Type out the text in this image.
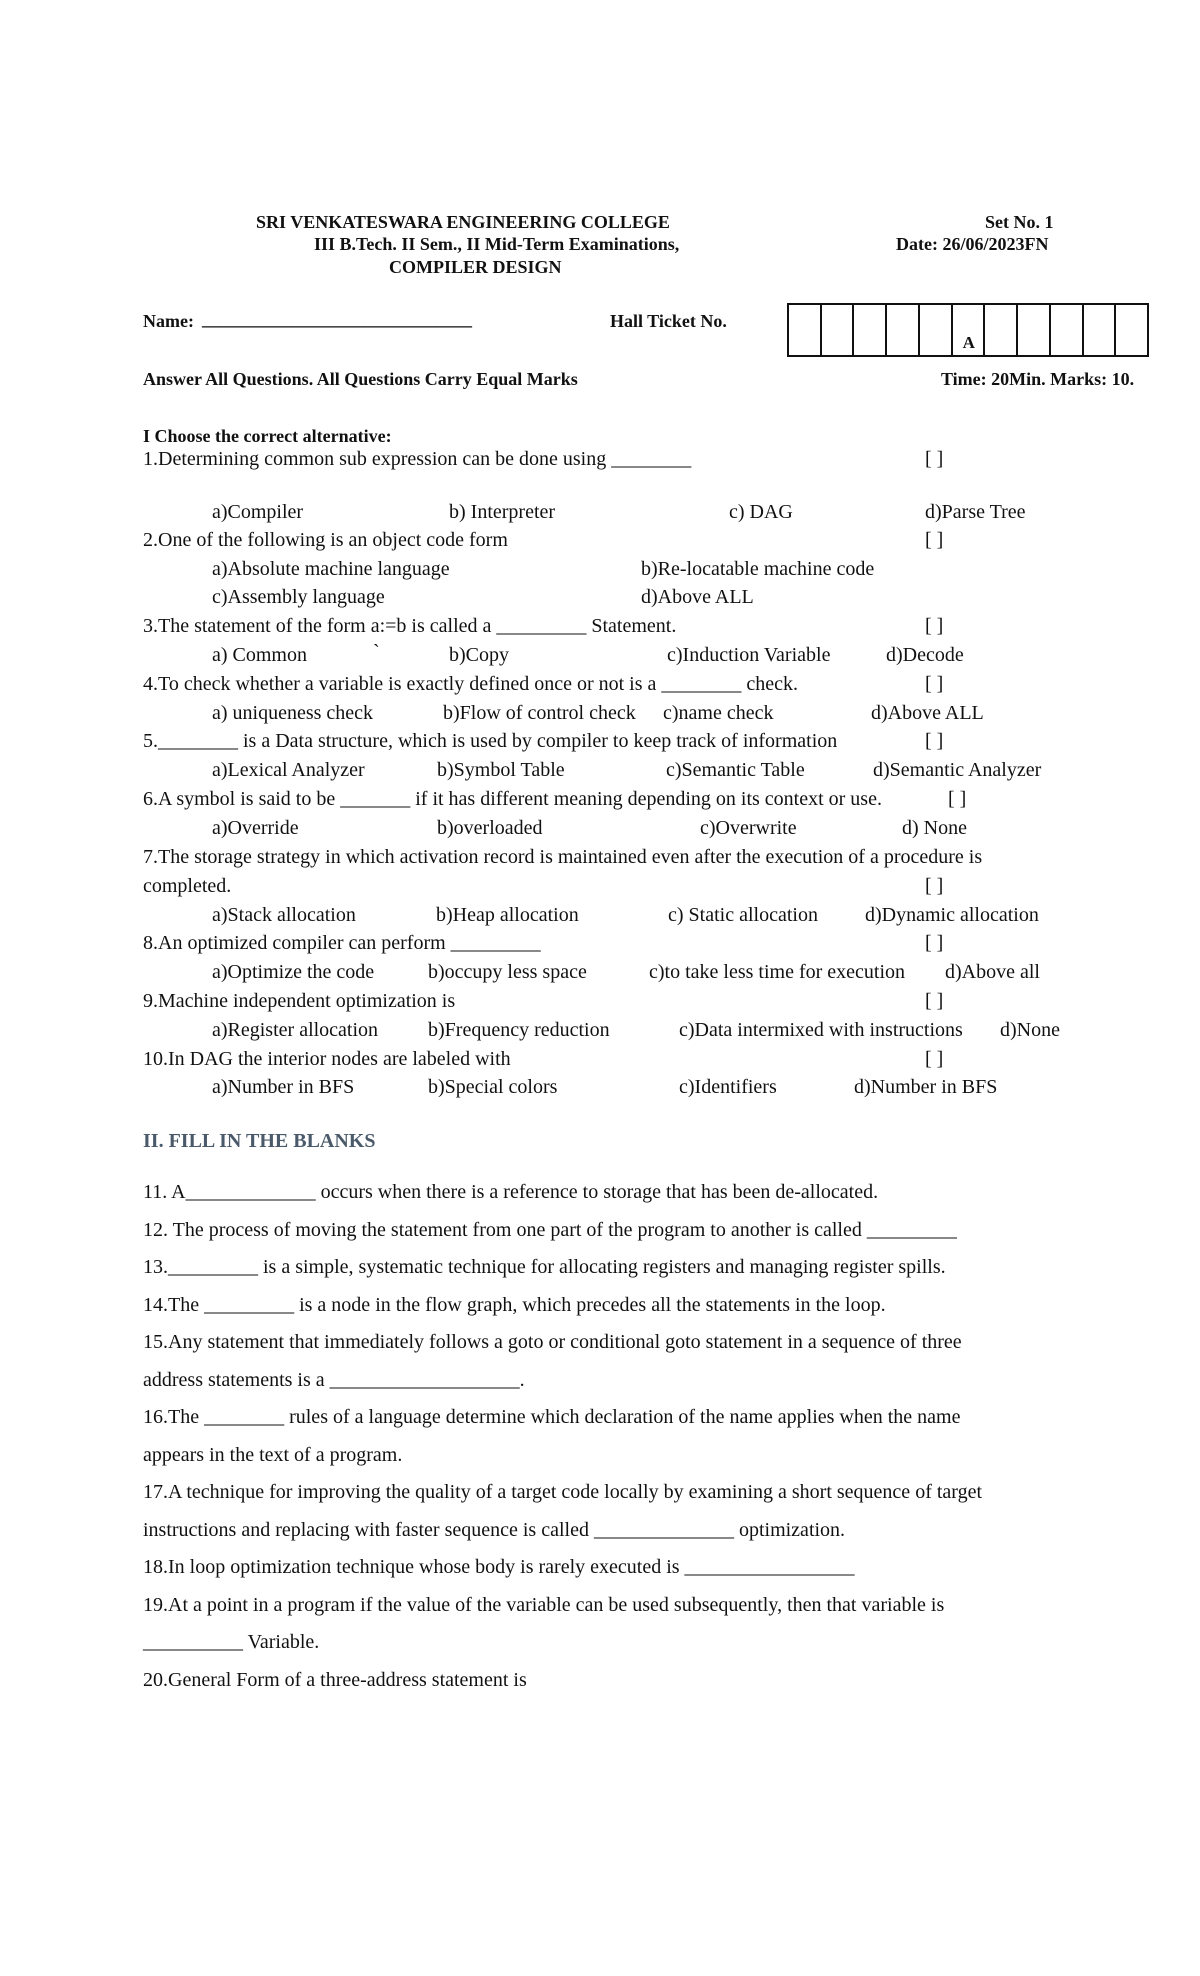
SRI VENKATESWARA ENGINEERING COLLEGE
III B.Tech. II Sem., II Mid-Term Examinations,
COMPILER DESIGN
Set No. 1
Date: 26/06/2023FN
Name: ______________________________	Hall Ticket No.
A
Answer All Questions. All Questions Carry Equal Marks	Time: 20Min. Marks: 10.
I Choose the correct alternative:
1.Determining common sub expression can be done using ________	[ ]
a)Compiler	b) Interpreter	c) DAG	d)Parse Tree
2.One of the following is an object code form	[ ]
a)Absolute machine language	b)Re-locatable machine code
c)Assembly language	d)Above ALL
3.The statement of the form a:=b is called a _________ Statement.	[ ]
a) Common	`	b)Copy	c)Induction Variable	d)Decode
4.To check whether a variable is exactly defined once or not is a ________ check.	[ ]
a) uniqueness check	b)Flow of control check c)name check	d)Above ALL
5.________ is a Data structure, which is used by compiler to keep track of information	[ ]
a)Lexical Analyzer	b)Symbol Table	c)Semantic Table	d)Semantic Analyzer
6.A symbol is said to be _______ if it has different meaning depending on its context or use.	[ ]
a)Override	b)overloaded	c)Overwrite	d) None
7.The storage strategy in which activation record is maintained even after the execution of a procedure is
completed.	[ ]
a)Stack allocation	b)Heap allocation	c) Static allocation d)Dynamic allocation
8.An optimized compiler can perform _________	[ ]
a)Optimize the code	b)occupy less space	c)to take less time for execution d)Above all
9.Machine independent optimization is	[ ]
a)Register allocation b)Frequency reduction	c)Data intermixed with instructions d)None
10.In DAG the interior nodes are labeled with	[ ]
a)Number in BFS	b)Special colors	c)Identifiers	d)Number in BFS
II. FILL IN THE BLANKS
11. A_____________ occurs when there is a reference to storage that has been de-allocated.
12. The process of moving the statement from one part of the program to another is called _________
13._________ is a simple, systematic technique for allocating registers and managing register spills.
14.The _________ is a node in the flow graph, which precedes all the statements in the loop.
15.Any statement that immediately follows a goto or conditional goto statement in a sequence of three
address statements is a ___________________.
16.The ________ rules of a language determine which declaration of the name applies when the name
appears in the text of a program.
17.A technique for improving the quality of a target code locally by examining a short sequence of target
instructions and replacing with faster sequence is called ______________ optimization.
18.In loop optimization technique whose body is rarely executed is _________________
19.At a point in a program if the value of the variable can be used subsequently, then that variable is
__________ Variable.
20.General Form of a three-address statement is
